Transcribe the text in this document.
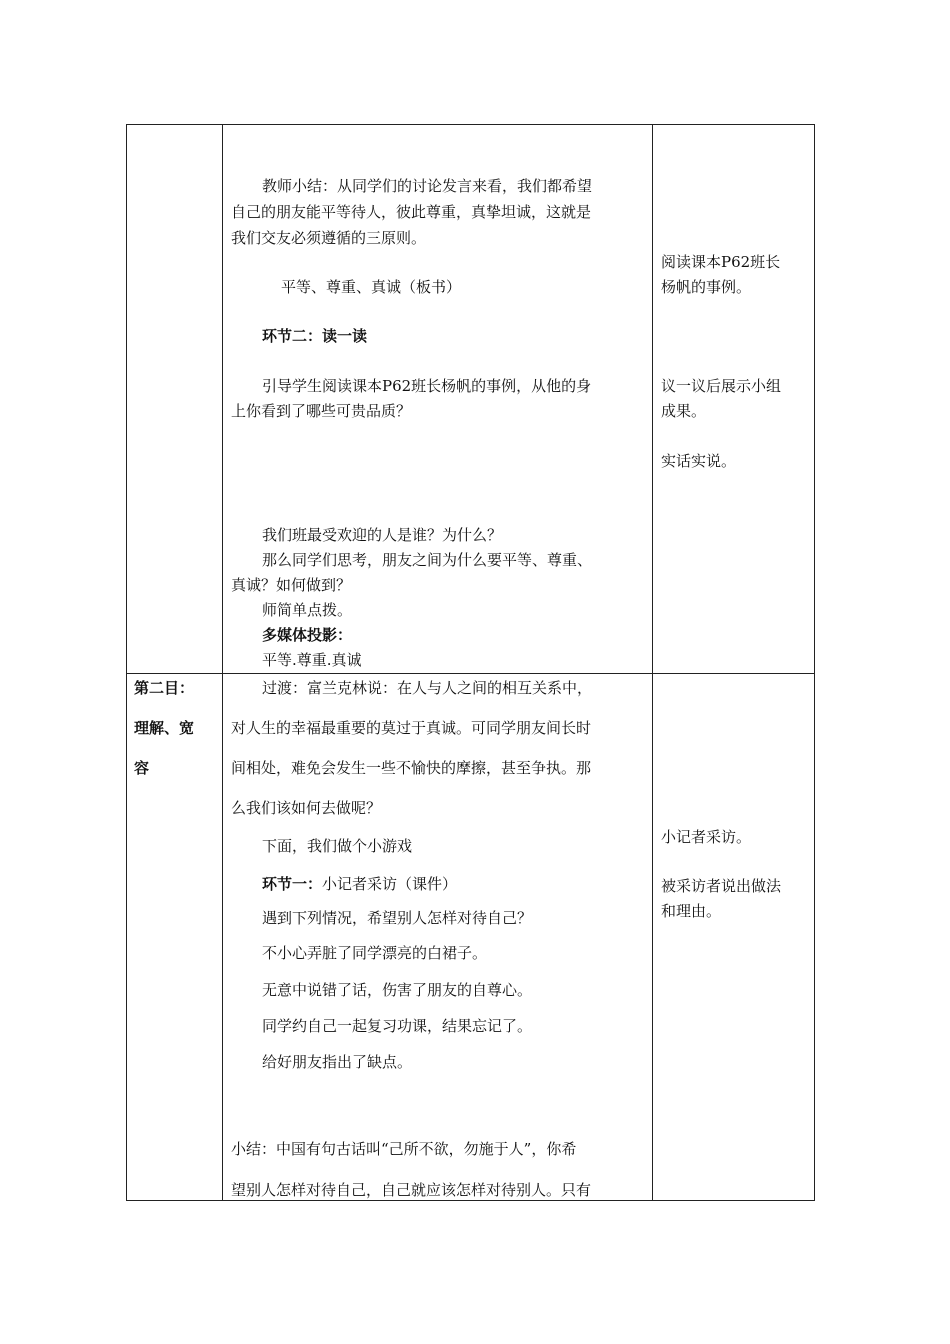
教师小结：从同学们的讨论发言来看，我们都希望
自己的朋友能平等待人，彼此尊重，真挚坦诚，这就是
我们交友必须遵循的三原则。
平等、尊重、真诚（板书）
环节二：读一读
引导学生阅读课本P62班长杨帆的事例，从他的身
上你看到了哪些可贵品质？
我们班最受欢迎的人是谁？为什么？
那么同学们思考，朋友之间为什么要平等、尊重、
真诚？如何做到？
师简单点拨。
多媒体投影：
平等.尊重.真诚
阅读课本P62班长
杨帆的事例。
议一议后展示小组
成果。
实话实说。
第二目：
理解、宽
容
过渡：富兰克林说：在人与人之间的相互关系中，
对人生的幸福最重要的莫过于真诚。可同学朋友间长时
间相处，难免会发生一些不愉快的摩擦，甚至争执。那
么我们该如何去做呢？
下面，我们做个小游戏
环节一：小记者采访（课件）
遇到下列情况，希望别人怎样对待自己？
不小心弄脏了同学漂亮的白裙子。
无意中说错了话，伤害了朋友的自尊心。
同学约自己一起复习功课，结果忘记了。
给好朋友指出了缺点。
小结：中国有句古话叫“己所不欲，勿施于人”，你希
望别人怎样对待自己，自己就应该怎样对待别人。只有
小记者采访。
被采访者说出做法
和理由。
